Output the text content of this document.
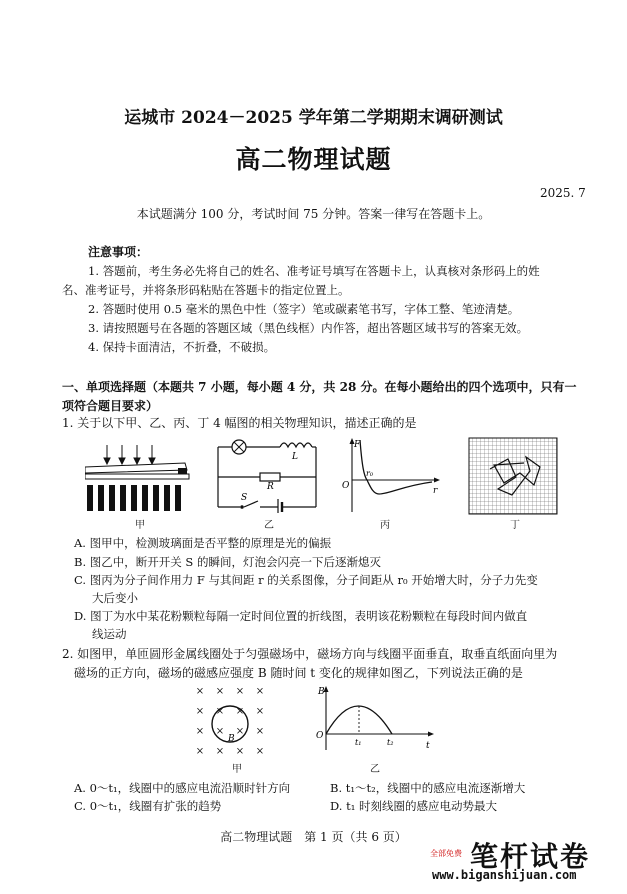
运城市 2024－2025 学年第二学期期末调研测试
高二物理试题
2025. 7
本试题满分 100 分，考试时间 75 分钟。答案一律写在答题卡上。
注意事项：
1. 答题前，考生务必先将自己的姓名、准考证号填写在答题卡上，认真核对条形码上的姓
名、准考证号，并将条形码粘贴在答题卡的指定位置上。
2. 答题时使用 0.5 毫米的黑色中性（签字）笔或碳素笔书写，字体工整、笔迹清楚。
3. 请按照题号在各题的答题区域（黑色线框）内作答，超出答题区域书写的答案无效。
4. 保持卡面清洁，不折叠，不破损。
一、单项选择题（本题共 7 小题，每小题 4 分，共 28 分。在每小题给出的四个选项中，只有一
项符合题目要求）
1. 关于以下甲、乙、丙、丁 4 幅图的相关物理知识，描述正确的是
甲
L
R
S
乙
F
O
r₀
r
丙	丁
A. 图甲中，检测玻璃面是否平整的原理是光的偏振
B. 图乙中，断开开关 S 的瞬间，灯泡会闪亮一下后逐渐熄灭
C. 图丙为分子间作用力 F 与其间距 r 的关系图像，分子间距从 r₀ 开始增大时，分子力先变
大后变小
D. 图丁为水中某花粉颗粒每隔一定时间位置的折线图，表明该花粉颗粒在每段时间内做直
线运动
2. 如图甲，单匝圆形金属线圈处于匀强磁场中，磁场方向与线圈平面垂直，取垂直纸面向里为
磁场的正方向，磁场的磁感应强度 B 随时间 t 变化的规律如图乙，下列说法正确的是
× × × ×
× × × ×
× × × ×
× × × ×
B
甲
B
O
t₁	t₂	t
乙
A. 0～t₁，线圈中的感应电流沿顺时针方向	B. t₁～t₂，线圈中的感应电流逐渐增大
C. 0～t₁，线圈有扩张的趋势	D. t₁ 时刻线圈的感应电动势最大
高二物理试题　第 1 页（共 6 页）
笔杆试卷
全部免费
www.biganshijuan.com
